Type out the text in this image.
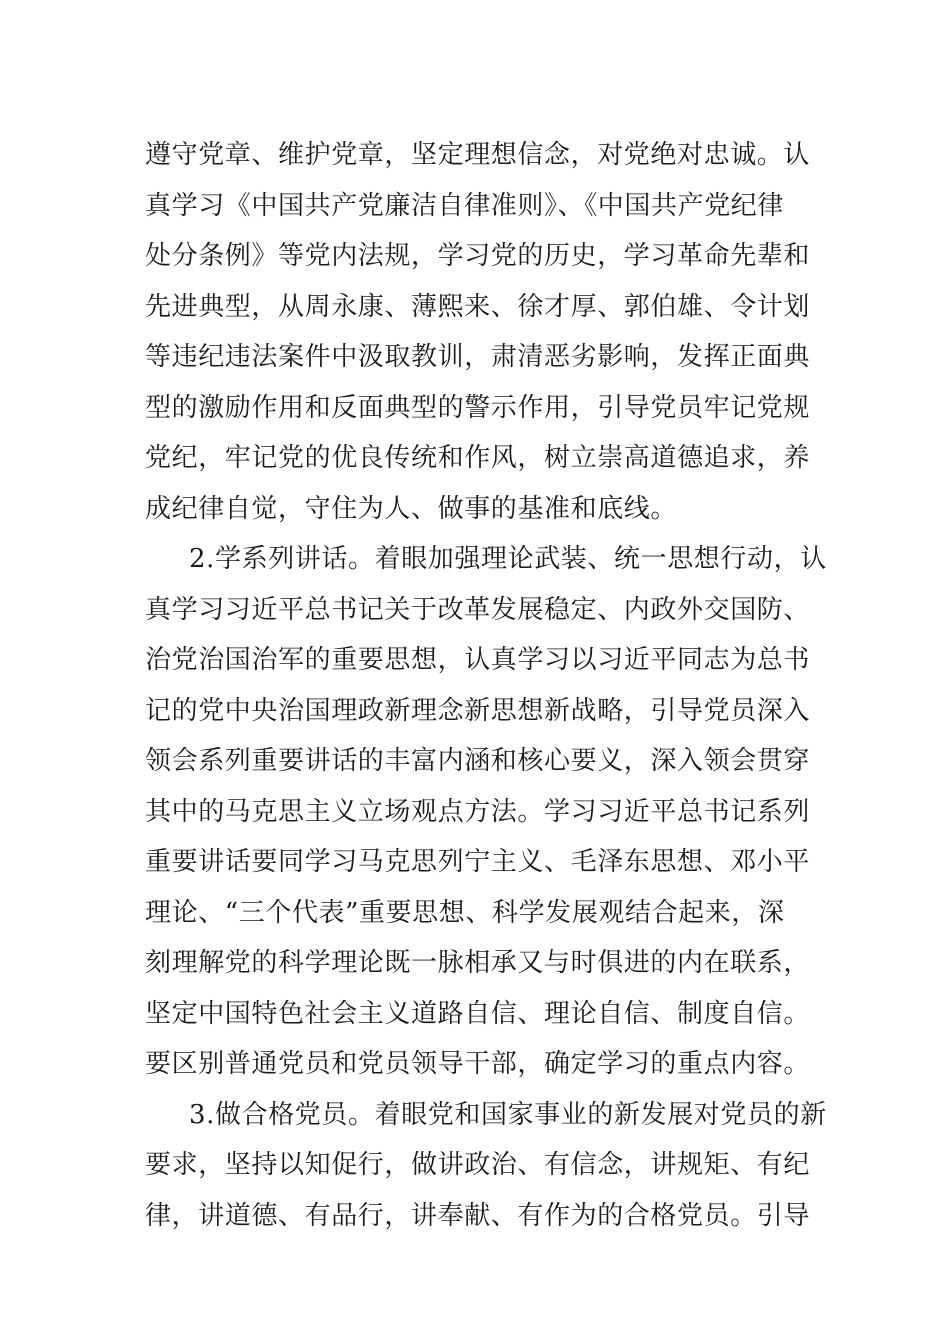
遵守党章、维护党章，坚定理想信念，对党绝对忠诚。认
真学习《中国共产党廉洁自律准则》、《中国共产党纪律
处分条例》等党内法规，学习党的历史，学习革命先辈和
先进典型，从周永康、薄熙来、徐才厚、郭伯雄、令计划
等违纪违法案件中汲取教训，肃清恶劣影响，发挥正面典
型的激励作用和反面典型的警示作用，引导党员牢记党规
党纪，牢记党的优良传统和作风，树立崇高道德追求，养
成纪律自觉，守住为人、做事的基准和底线。
2.学系列讲话。着眼加强理论武装、统一思想行动，认
真学习习近平总书记关于改革发展稳定、内政外交国防、
治党治国治军的重要思想，认真学习以习近平同志为总书
记的党中央治国理政新理念新思想新战略，引导党员深入
领会系列重要讲话的丰富内涵和核心要义，深入领会贯穿
其中的马克思主义立场观点方法。学习习近平总书记系列
重要讲话要同学习马克思列宁主义、毛泽东思想、邓小平
理论、“三个代表”重要思想、科学发展观结合起来，深
刻理解党的科学理论既一脉相承又与时俱进的内在联系，
坚定中国特色社会主义道路自信、理论自信、制度自信。
要区别普通党员和党员领导干部，确定学习的重点内容。
3.做合格党员。着眼党和国家事业的新发展对党员的新
要求，坚持以知促行，做讲政治、有信念，讲规矩、有纪
律，讲道德、有品行，讲奉献、有作为的合格党员。引导
